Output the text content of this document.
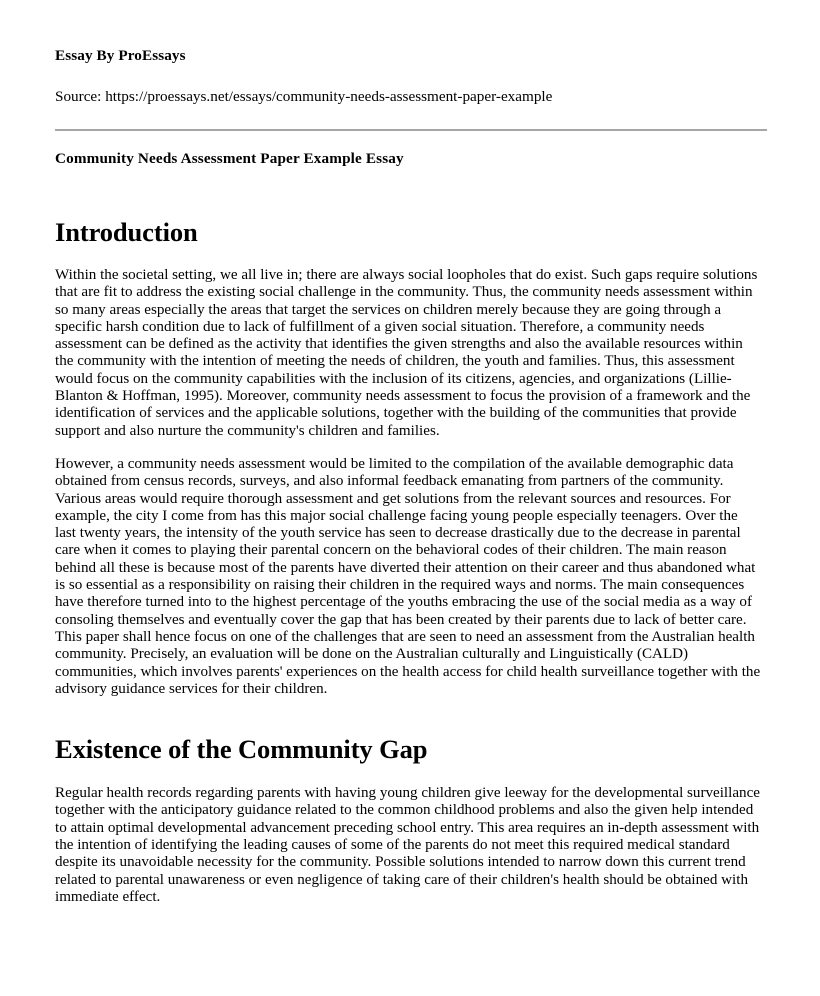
Essay By ProEssays
Source: https://proessays.net/essays/community-needs-assessment-paper-example
Community Needs Assessment Paper Example Essay
Introduction

Within the societal setting, we all live in; there are always social loopholes that do exist. Such gaps require solutions that are fit to address the existing social challenge in the community. Thus, the community needs assessment within so many areas especially the areas that target the services on children merely because they are going through a specific harsh condition due to lack of fulfillment of a given social situation. Therefore, a community needs assessment can be defined as the activity that identifies the given strengths and also the available resources within the community with the intention of meeting the needs of children, the youth and families. Thus, this assessment would focus on the community capabilities with the inclusion of its citizens, agencies, and organizations (Lillie-Blanton & Hoffman, 1995). Moreover, community needs assessment to focus the provision of a framework and the identification of services and the applicable solutions, together with the building of the communities that provide support and also nurture the community's children and families.

However, a community needs assessment would be limited to the compilation of the available demographic data obtained from census records, surveys, and also informal feedback emanating from partners of the community. Various areas would require thorough assessment and get solutions from the relevant sources and resources. For example, the city I come from has this major social challenge facing young people especially teenagers. Over the last twenty years, the intensity of the youth service has seen to decrease drastically due to the decrease in parental care when it comes to playing their parental concern on the behavioral codes of their children. The main reason behind all these is because most of the parents have diverted their attention on their career and thus abandoned what is so essential as a responsibility on raising their children in the required ways and norms. The main consequences have therefore turned into to the highest percentage of the youths embracing the use of the social media as a way of consoling themselves and eventually cover the gap that has been created by their parents due to lack of better care. This paper shall hence focus on one of the challenges that are seen to need an assessment from the Australian health community. Precisely, an evaluation will be done on the Australian culturally and Linguistically (CALD) communities, which involves parents' experiences on the health access for child health surveillance together with the advisory guidance services for their children.

Existence of the Community Gap

Regular health records regarding parents with having young children give leeway for the developmental surveillance together with the anticipatory guidance related to the common childhood problems and also the given help intended to attain optimal developmental advancement preceding school entry. This area requires an in-depth assessment with the intention of identifying the leading causes of some of the parents do not meet this required medical standard despite its unavoidable necessity for the community. Possible solutions intended to narrow down this current trend related to parental unawareness or even negligence of taking care of their children's health should be obtained with immediate effect.
